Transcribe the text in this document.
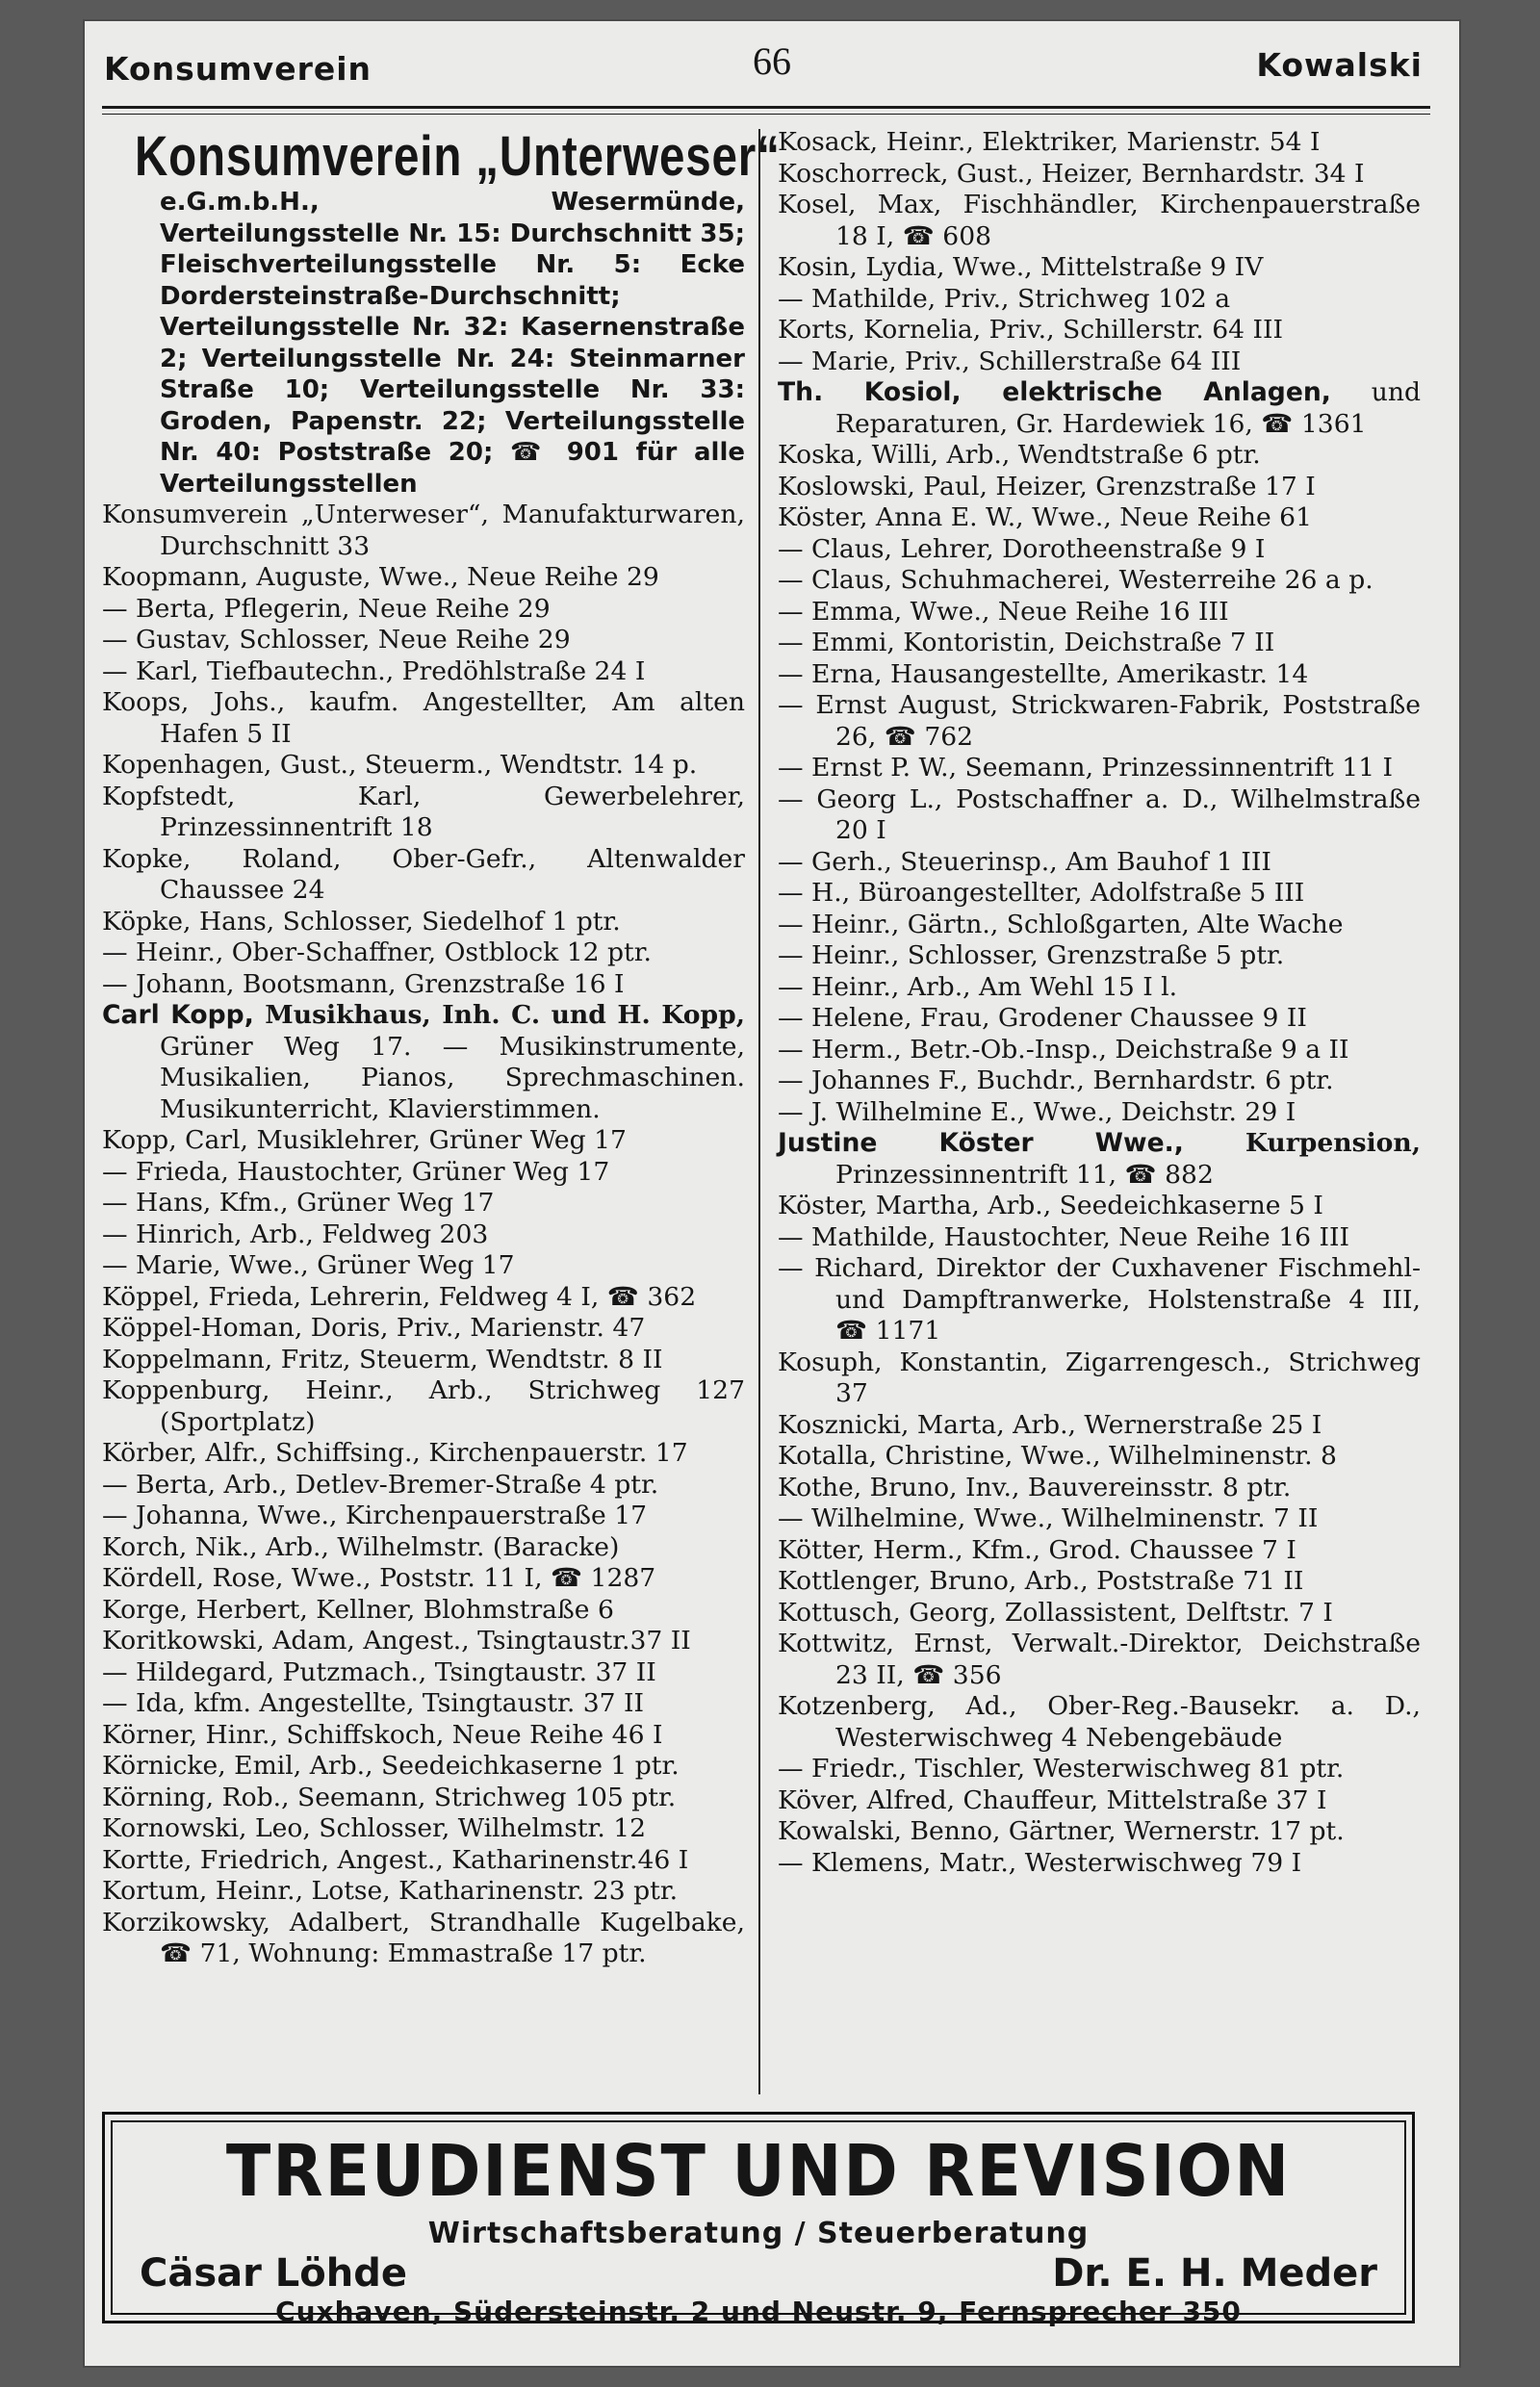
Konsumverein	66	Kowalski
Konsumverein „Unterweser“
e.G.m.b.H., Wesermünde, Verteilungsstelle Nr. 15: Durchschnitt 35; Fleischverteilungsstelle Nr. 5: Ecke Dordersteinstraße-Durchschnitt; Verteilungsstelle Nr. 32: Kasernenstraße 2; Verteilungsstelle Nr. 24: Steinmarner Straße 10; Verteilungsstelle Nr. 33: Groden, Papenstr. 22; Verteilungsstelle Nr. 40: Poststraße 20; ☎ 901 für alle Verteilungsstellen
Konsumverein „Unterweser“, Manufakturwaren, Durchschnitt 33
Koopmann, Auguste, Wwe., Neue Reihe 29
— Berta, Pflegerin, Neue Reihe 29
— Gustav, Schlosser, Neue Reihe 29
— Karl, Tiefbautechn., Predöhlstraße 24 I
Koops, Johs., kaufm. Angestellter, Am alten Hafen 5 II
Kopenhagen, Gust., Steuerm., Wendtstr. 14 p.
Kopfstedt, Karl, Gewerbelehrer, Prinzessinnentrift 18
Kopke, Roland, Ober-Gefr., Altenwalder Chaussee 24
Köpke, Hans, Schlosser, Siedelhof 1 ptr.
— Heinr., Ober-Schaffner, Ostblock 12 ptr.
— Johann, Bootsmann, Grenzstraße 16 I
Carl Kopp, Musikhaus, Inh. C. und H. Kopp, Grüner Weg 17. — Musikinstrumente, Musikalien, Pianos, Sprechmaschinen. Musikunterricht, Klavierstimmen.
Kopp, Carl, Musiklehrer, Grüner Weg 17
— Frieda, Haustochter, Grüner Weg 17
— Hans, Kfm., Grüner Weg 17
— Hinrich, Arb., Feldweg 203
— Marie, Wwe., Grüner Weg 17
Köppel, Frieda, Lehrerin, Feldweg 4 I, ☎ 362
Köppel-Homan, Doris, Priv., Marienstr. 47
Koppelmann, Fritz, Steuerm, Wendtstr. 8 II
Koppenburg, Heinr., Arb., Strichweg 127 (Sportplatz)
Körber, Alfr., Schiffsing., Kirchenpauerstr. 17
— Berta, Arb., Detlev-Bremer-Straße 4 ptr.
— Johanna, Wwe., Kirchenpauerstraße 17
Korch, Nik., Arb., Wilhelmstr. (Baracke)
Kördell, Rose, Wwe., Poststr. 11 I, ☎ 1287
Korge, Herbert, Kellner, Blohmstraße 6
Koritkowski, Adam, Angest., Tsingtaustr.37 II
— Hildegard, Putzmach., Tsingtaustr. 37 II
— Ida, kfm. Angestellte, Tsingtaustr. 37 II
Körner, Hinr., Schiffskoch, Neue Reihe 46 I
Körnicke, Emil, Arb., Seedeichkaserne 1 ptr.
Körning, Rob., Seemann, Strichweg 105 ptr.
Kornowski, Leo, Schlosser, Wilhelmstr. 12
Kortte, Friedrich, Angest., Katharinenstr.46 I
Kortum, Heinr., Lotse, Katharinenstr. 23 ptr.
Korzikowsky, Adalbert, Strandhalle Kugelbake, ☎ 71, Wohnung: Emmastraße 17 ptr.
Kosack, Heinr., Elektriker, Marienstr. 54 I
Koschorreck, Gust., Heizer, Bernhardstr. 34 I
Kosel, Max, Fischhändler, Kirchenpauerstraße 18 I, ☎ 608
Kosin, Lydia, Wwe., Mittelstraße 9 IV
— Mathilde, Priv., Strichweg 102 a
Korts, Kornelia, Priv., Schillerstr. 64 III
— Marie, Priv., Schillerstraße 64 III
Th. Kosiol, elektrische Anlagen, und Reparaturen, Gr. Hardewiek 16, ☎ 1361
Koska, Willi, Arb., Wendtstraße 6 ptr.
Koslowski, Paul, Heizer, Grenzstraße 17 I
Köster, Anna E. W., Wwe., Neue Reihe 61
— Claus, Lehrer, Dorotheenstraße 9 I
— Claus, Schuhmacherei, Westerreihe 26 a p.
— Emma, Wwe., Neue Reihe 16 III
— Emmi, Kontoristin, Deichstraße 7 II
— Erna, Hausangestellte, Amerikastr. 14
— Ernst August, Strickwaren-Fabrik, Poststraße 26, ☎ 762
— Ernst P. W., Seemann, Prinzessinnentrift 11 I
— Georg L., Postschaffner a. D., Wilhelmstraße 20 I
— Gerh., Steuerinsp., Am Bauhof 1 III
— H., Büroangestellter, Adolfstraße 5 III
— Heinr., Gärtn., Schloßgarten, Alte Wache
— Heinr., Schlosser, Grenzstraße 5 ptr.
— Heinr., Arb., Am Wehl 15 I l.
— Helene, Frau, Grodener Chaussee 9 II
— Herm., Betr.-Ob.-Insp., Deichstraße 9 a II
— Johannes F., Buchdr., Bernhardstr. 6 ptr.
— J. Wilhelmine E., Wwe., Deichstr. 29 I
Justine Köster Wwe., Kurpension, Prinzessinnentrift 11, ☎ 882
Köster, Martha, Arb., Seedeichkaserne 5 I
— Mathilde, Haustochter, Neue Reihe 16 III
— Richard, Direktor der Cuxhavener Fischmehl- und Dampftranwerke, Holstenstraße 4 III, ☎ 1171
Kosuph, Konstantin, Zigarrengesch., Strichweg 37
Kosznicki, Marta, Arb., Wernerstraße 25 I
Kotalla, Christine, Wwe., Wilhelminenstr. 8
Kothe, Bruno, Inv., Bauvereinsstr. 8 ptr.
— Wilhelmine, Wwe., Wilhelminenstr. 7 II
Kötter, Herm., Kfm., Grod. Chaussee 7 I
Kottlenger, Bruno, Arb., Poststraße 71 II
Kottusch, Georg, Zollassistent, Delftstr. 7 I
Kottwitz, Ernst, Verwalt.-Direktor, Deichstraße 23 II, ☎ 356
Kotzenberg, Ad., Ober-Reg.-Bausekr. a. D., Westerwischweg 4 Nebengebäude
— Friedr., Tischler, Westerwischweg 81 ptr.
Köver, Alfred, Chauffeur, Mittelstraße 37 I
Kowalski, Benno, Gärtner, Wernerstr. 17 pt.
— Klemens, Matr., Westerwischweg 79 I
TREUDIENST UND REVISION
Wirtschaftsberatung / Steuerberatung
Cäsar Löhde	Dr. E. H. Meder
Cuxhaven, Südersteinstr. 2 und Neustr. 9, Fernsprecher 350
